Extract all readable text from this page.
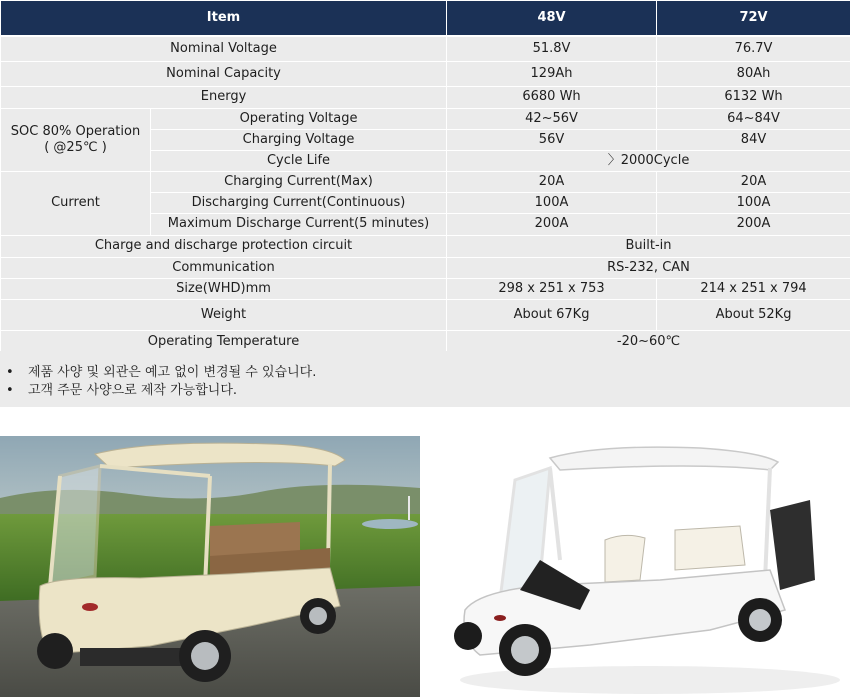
Item		48V	72V
Nominal Voltage		51.8V	76.7V
Nominal Capacity		129Ah	80Ah
Energy		6680 Wh	6132 Wh
SOC 80% Operation
( @25℃ )	Operating Voltage	42~56V	64~84V
	Charging Voltage	56V	84V
	Cycle Life	〉2000Cycle	
Current	Charging Current(Max)	20A	20A
	Discharging Current(Continuous)	100A	100A
	Maximum Discharge Current(5 minutes)	200A	200A
Charge and discharge protection circuit		Built-in	
Communication		RS-232, CAN	
Size(WHD)mm		298 x 251 x 753	214 x 251 x 794
Weight		About 67Kg	About 52Kg
Operating Temperature		-20~60℃	
• 제품 사양 및 외관은 예고 없이 변경될 수 있습니다.
• 고객 주문 사양으로 제작 가능합니다.
